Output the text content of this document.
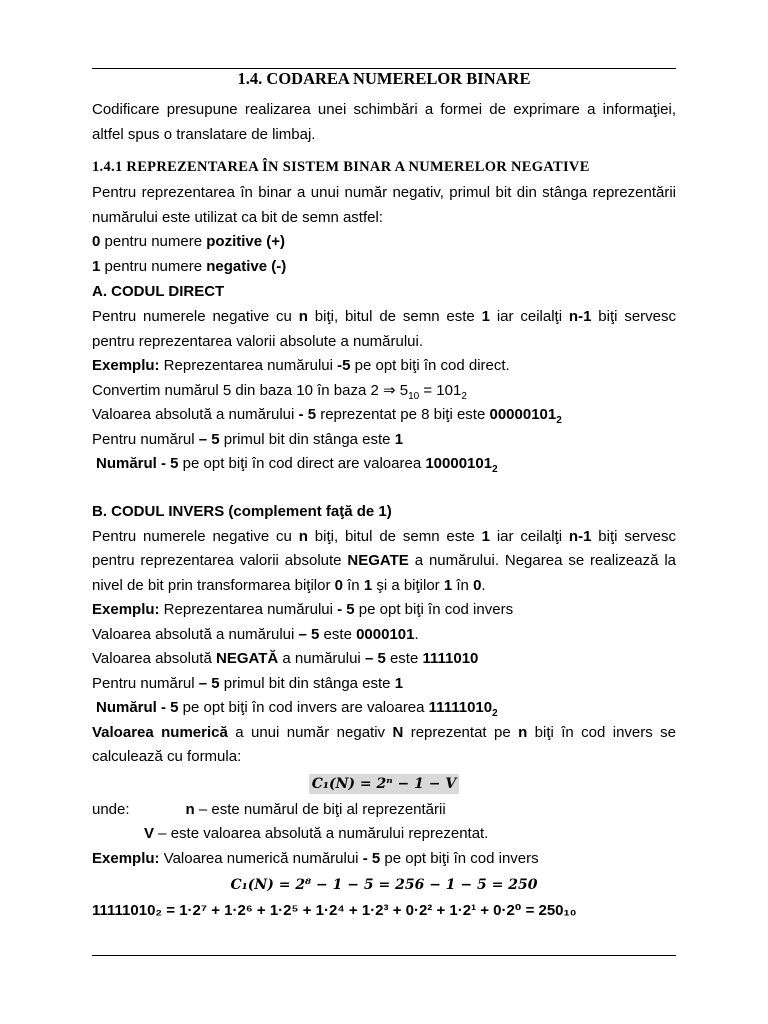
1.4. CODAREA NUMERELOR BINARE

Codificare presupune realizarea unei schimbări a formei de exprimare a informaţiei, altfel spus o translatare de limbaj.

1.4.1 REPREZENTAREA ÎN SISTEM BINAR A NUMERELOR NEGATIVE

Pentru reprezentarea în binar a unui număr negativ, primul bit din stânga reprezentării numărului este utilizat ca bit de semn astfel:

0 pentru numere pozitive (+)

1 pentru numere negative (-)

A. CODUL DIRECT

Pentru numerele negative cu n biţi, bitul de semn este 1 iar ceilalţi n-1 biţi servesc pentru reprezentarea valorii absolute a numărului.

Exemplu: Reprezentarea numărului -5 pe opt biţi în cod direct.

Convertim numărul 5 din baza 10 în baza 2 ⇒ $5_{10} = 101_2$

Valoarea absolută a numărului - 5 reprezentat pe 8 biţi este $00000101_2$

Pentru numărul – 5 primul bit din stânga este 1

Numărul - 5 pe opt biţi în cod direct are valoarea $10000101_2$

B. CODUL INVERS (complement faţă de 1)

Pentru numerele negative cu n biţi, bitul de semn este 1 iar ceilalţi n-1 biţi servesc pentru reprezentarea valorii absolute NEGATE a numărului. Negarea se realizează la nivel de bit prin transformarea biţilor 0 în 1 şi a biţilor 1 în 0.

Exemplu: Reprezentarea numărului - 5 pe opt biţi în cod invers

Valoarea absolută a numărului – 5 este 0000101.

Valoarea absolută NEGATĂ a numărului – 5 este 1111010

Pentru numărul – 5 primul bit din stânga este 1

Numărul - 5 pe opt biţi în cod invers are valoarea $11111010_2$

Valoarea numerică a unui număr negativ N reprezentat pe n biţi în cod invers se calculează cu formula:

C₁(N) = 2ⁿ − 1 − V

unde:	n – este numărul de biţi al reprezentării

V – este valoarea absolută a numărului reprezentat.

Exemplu: Valoarea numerică numărului - 5 pe opt biţi în cod invers

C₁(N) = 2⁸ − 1 − 5 = 256 − 1 − 5 = 250

11111010₂ = 1·2⁷ + 1·2⁶ + 1·2⁵ + 1·2⁴ + 1·2³ + 0·2² + 1·2¹ + 0·2⁰ = 250₁₀
